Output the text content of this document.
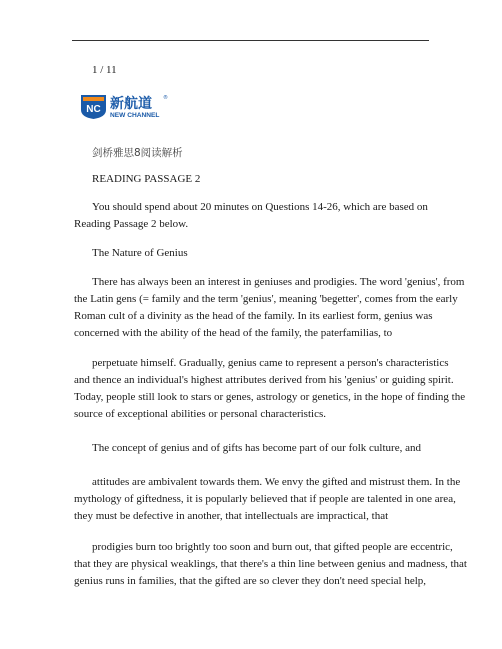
1 / 11
NC 新航道 ®
NEW CHANNEL
剑桥雅思8阅读解析
READING PASSAGE 2
You should spend about 20 minutes on Questions 14-26, which are based on
Reading Passage 2 below.
The Nature of Genius
There has always been an interest in geniuses and prodigies. The word 'genius', from
the Latin gens (= family and the term 'genius', meaning 'begetter', comes from the early
Roman cult of a divinity as the head of the family. In its earliest form, genius was
concerned with the ability of the head of the family, the paterfamilias, to
perpetuate himself. Gradually, genius came to represent a person's characteristics
and thence an individual's highest attributes derived from his 'genius' or guiding spirit.
Today, people still look to stars or genes, astrology or genetics, in the hope of finding the
source of exceptional abilities or personal characteristics.
The concept of genius and of gifts has become part of our folk culture, and
attitudes are ambivalent towards them. We envy the gifted and mistrust them. In the
mythology of giftedness, it is popularly believed that if people are talented in one area,
they must be defective in another, that intellectuals are impractical, that
prodigies burn too brightly too soon and burn out, that gifted people are eccentric,
that they are physical weaklings, that there's a thin line between genius and madness, that
genius runs in families, that the gifted are so clever they don't need special help,
